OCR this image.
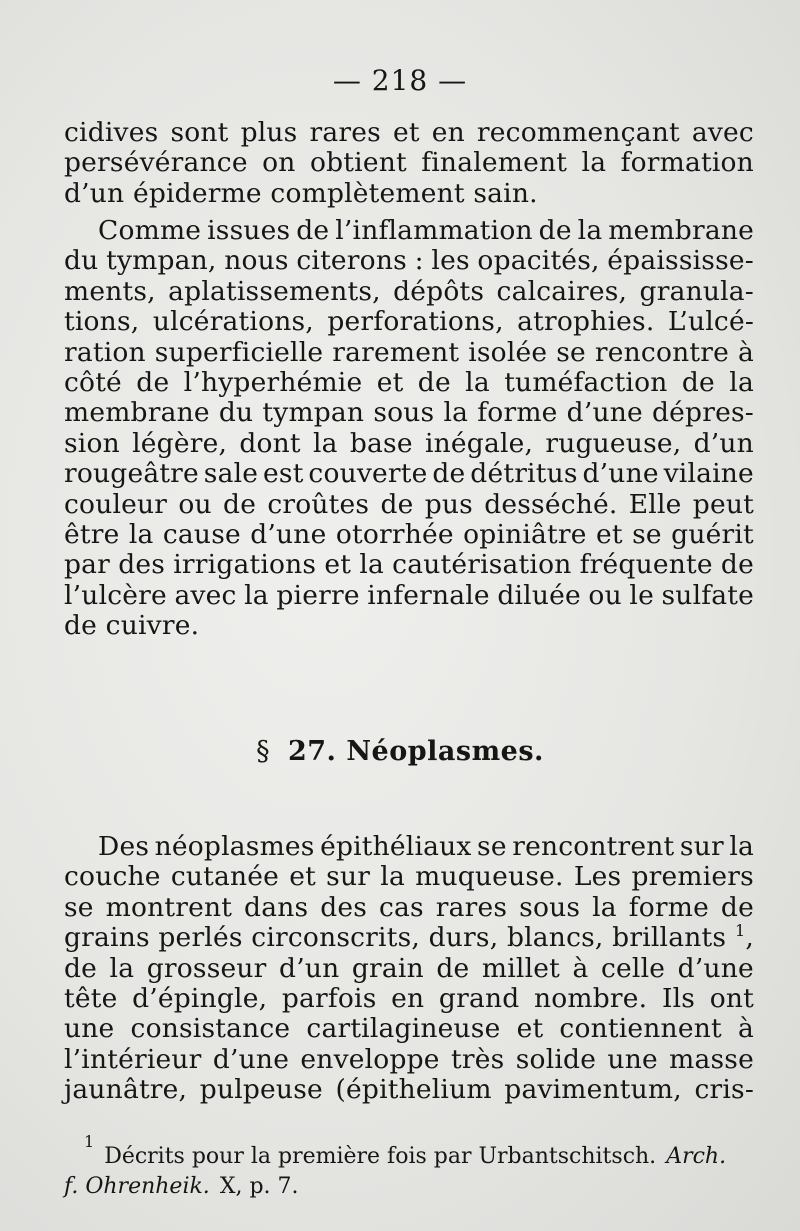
— 218 —
cidives sont plus rares et en recommençant avec
persévérance on obtient finalement la formation
d’un épiderme complètement sain.
Comme issues de l’inflammation de la membrane
du tympan, nous citerons : les opacités, épaississe-
ments, aplatissements, dépôts calcaires, granula-
tions, ulcérations, perforations, atrophies. L’ulcé-
ration superficielle rarement isolée se rencontre à
côté de l’hyperhémie et de la tuméfaction de la
membrane du tympan sous la forme d’une dépres-
sion légère, dont la base inégale, rugueuse, d’un
rougeâtre sale est couverte de détritus d’une vilaine
couleur ou de croûtes de pus desséché. Elle peut
être la cause d’une otorrhée opiniâtre et se guérit
par des irrigations et la cautérisation fréquente de
l’ulcère avec la pierre infernale diluée ou le sulfate
de cuivre.
§ 27. Néoplasmes.
Des néoplasmes épithéliaux se rencontrent sur la
couche cutanée et sur la muqueuse. Les premiers
se montrent dans des cas rares sous la forme de
grains perlés circonscrits, durs, blancs, brillants $^1$,
de la grosseur d’un grain de millet à celle d’une
tête d’épingle, parfois en grand nombre. Ils ont
une consistance cartilagineuse et contiennent à
l’intérieur d’une enveloppe très solide une masse
jaunâtre, pulpeuse (épithelium pavimentum, cris-
1
Décrits pour la première fois par Urbantschitsch. Arch.
f. Ohrenheik. X, p. 7.
